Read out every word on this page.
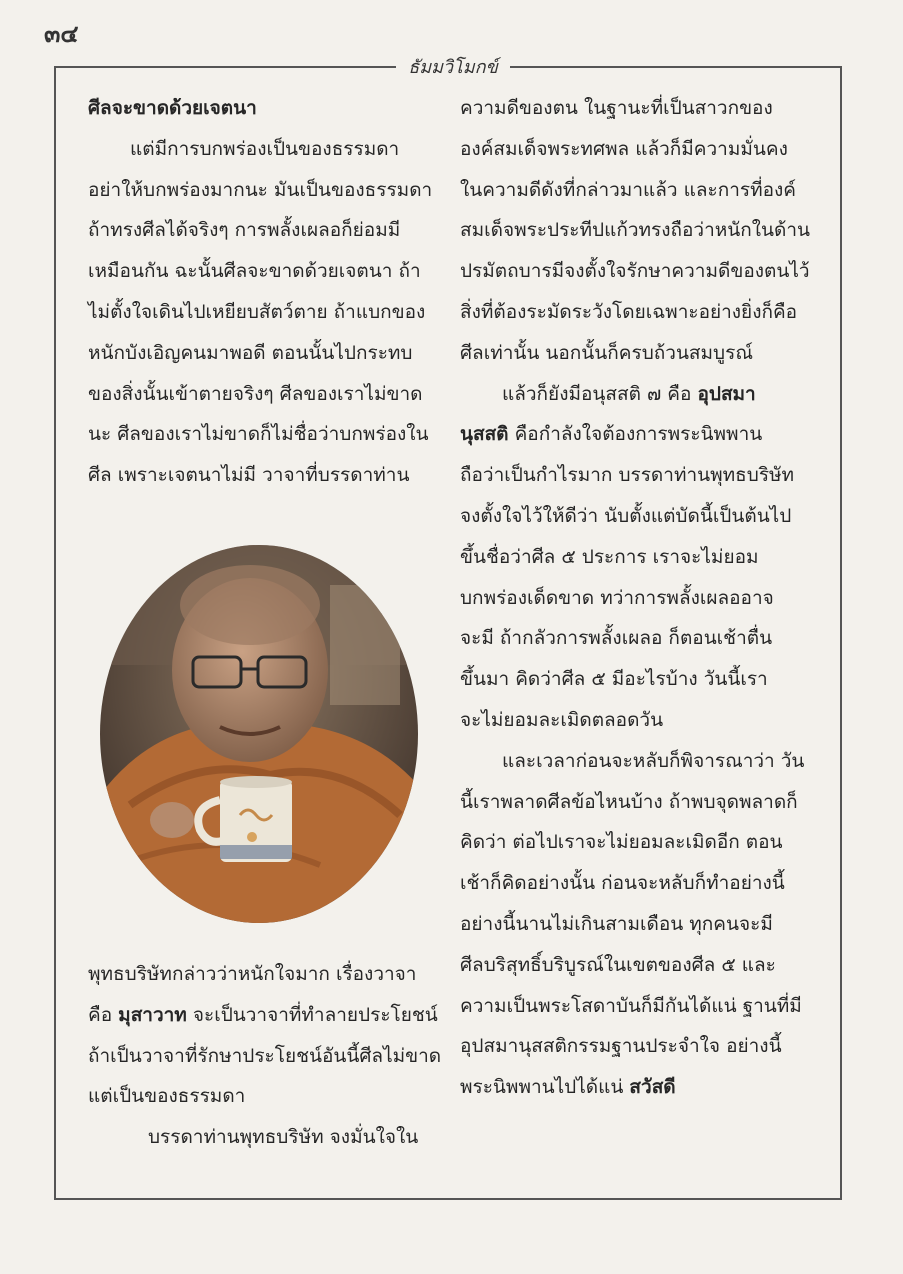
๓๔
ธัมมวิโมกข์

ศีลจะขาดด้วยเจตนา

แต่มีการบกพร่องเป็นของธรรมดา

อย่าให้บกพร่องมากนะ มันเป็นของธรรมดา

ถ้าทรงศีลได้จริงๆ การพลั้งเผลอก็ย่อมมี

เหมือนกัน ฉะนั้นศีลจะขาดด้วยเจตนา ถ้า

ไม่ตั้งใจเดินไปเหยียบสัตว์ตาย ถ้าแบกของ

หนักบังเอิญคนมาพอดี ตอนนั้นไปกระทบ

ของสิ่งนั้นเข้าตายจริงๆ ศีลของเราไม่ขาด

นะ ศีลของเราไม่ขาดก็ไม่ชื่อว่าบกพร่องใน

ศีล เพราะเจตนาไม่มี วาจาที่บรรดาท่าน

พุทธบริษัทกล่าวว่าหนักใจมาก เรื่องวาจา

คือ มุสาวาท จะเป็นวาจาที่ทำลายประโยชน์

ถ้าเป็นวาจาที่รักษาประโยชน์อันนี้ศีลไม่ขาด

แต่เป็นของธรรมดา

บรรดาท่านพุทธบริษัท จงมั่นใจใน

ความดีของตน ในฐานะที่เป็นสาวกของ

องค์สมเด็จพระทศพล แล้วก็มีความมั่นคง

ในความดีดังที่กล่าวมาแล้ว และการที่องค์

สมเด็จพระประทีปแก้วทรงถือว่าหนักในด้าน

ปรมัตถบารมีจงตั้งใจรักษาความดีของตนไว้

สิ่งที่ต้องระมัดระวังโดยเฉพาะอย่างยิ่งก็คือ

ศีลเท่านั้น นอกนั้นก็ครบถ้วนสมบูรณ์

แล้วก็ยังมีอนุสสติ ๗ คือ อุปสมา

นุสสติ คือกำลังใจต้องการพระนิพพาน

ถือว่าเป็นกำไรมาก บรรดาท่านพุทธบริษัท

จงตั้งใจไว้ให้ดีว่า นับตั้งแต่บัดนี้เป็นต้นไป

ขึ้นชื่อว่าศีล ๕ ประการ เราจะไม่ยอม

บกพร่องเด็ดขาด ทว่าการพลั้งเผลออาจ

จะมี ถ้ากลัวการพลั้งเผลอ ก็ตอนเช้าตื่น

ขึ้นมา คิดว่าศีล ๕ มีอะไรบ้าง วันนี้เรา

จะไม่ยอมละเมิดตลอดวัน

และเวลาก่อนจะหลับก็พิจารณาว่า วัน

นี้เราพลาดศีลข้อไหนบ้าง ถ้าพบจุดพลาดก็

คิดว่า ต่อไปเราจะไม่ยอมละเมิดอีก ตอน

เช้าก็คิดอย่างนั้น ก่อนจะหลับก็ทำอย่างนี้

อย่างนี้นานไม่เกินสามเดือน ทุกคนจะมี

ศีลบริสุทธิ์บริบูรณ์ในเขตของศีล ๕ และ

ความเป็นพระโสดาบันก็มีกันได้แน่ ฐานที่มี

อุปสมานุสสติกรรมฐานประจำใจ อย่างนี้

พระนิพพานไปได้แน่ สวัสดี
